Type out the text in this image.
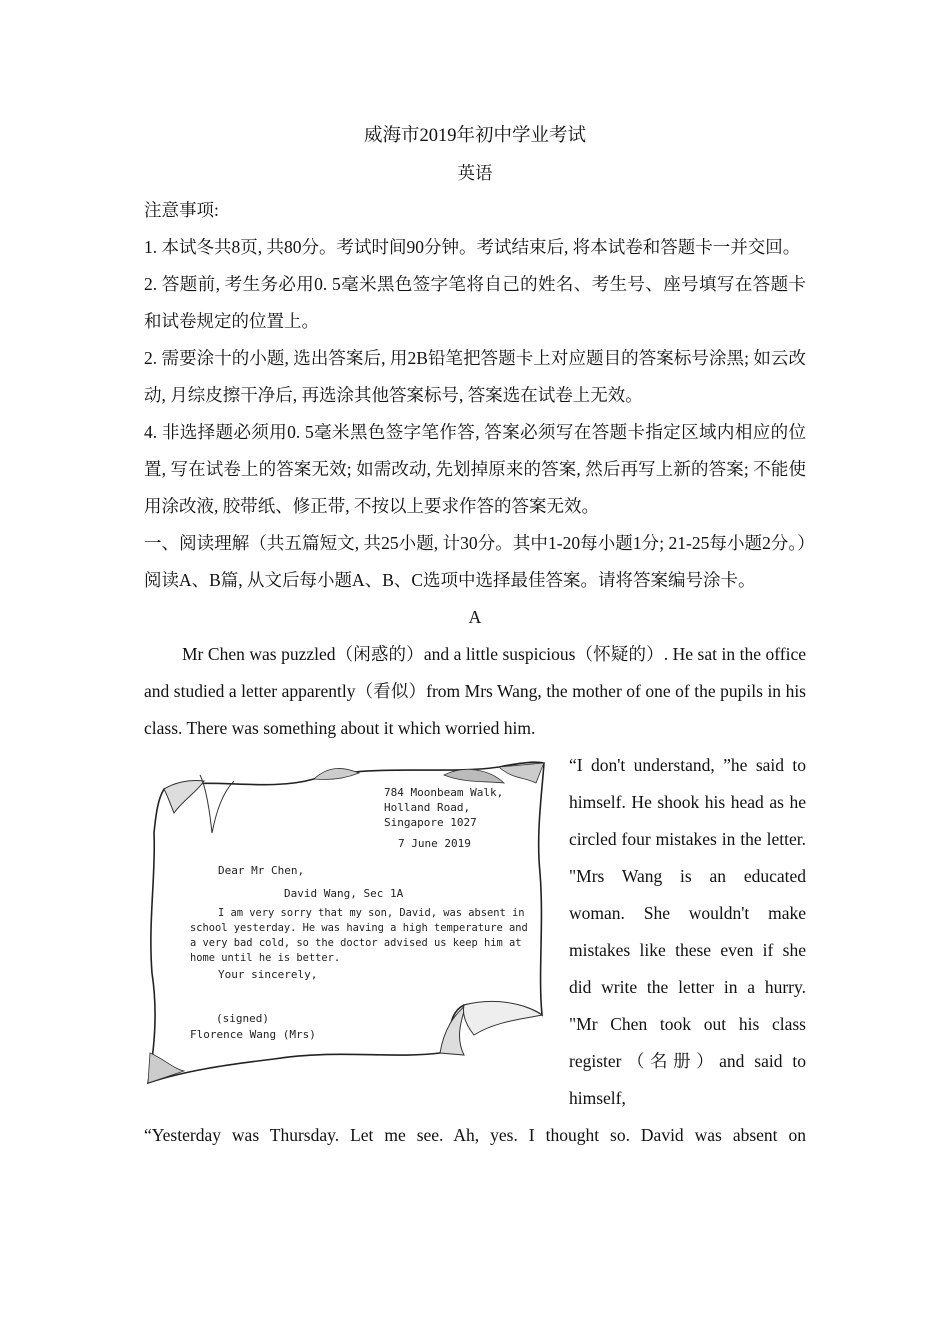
威海市2019年初中学业考试

英语

注意事项:

1. 本试冬共8页, 共80分。考试时间90分钟。考试结束后, 将本试卷和答题卡一并交回。

2. 答题前, 考生务必用0. 5毫米黑色签字笔将自己的姓名、考生号、座号填写在答题卡和试卷规定的位置上。

2. 需要涂十的小题, 选出答案后, 用2B铅笔把答题卡上对应题目的答案标号涂黑; 如云改动, 月综皮擦干净后, 再选涂其他答案标号, 答案选在试卷上无效。

4. 非选择题必须用0. 5毫米黑色签字笔作答, 答案必须写在答题卡指定区域内相应的位置, 写在试卷上的答案无效; 如需改动, 先划掉原来的答案, 然后再写上新的答案; 不能使用涂改液, 胶带纸、修正带, 不按以上要求作答的答案无效。

一、阅读理解（共五篇短文, 共25小题, 计30分。其中1-20每小题1分; 21-25每小题2分。）阅读A、B篇, 从文后每小题A、B、C选项中选择最佳答案。请将答案编号涂卡。

A

Mr Chen was puzzled（闲惑的）and a little suspicious（怀疑的）. He sat in the office and studied a letter apparently（看似）from Mrs Wang, the mother of one of the pupils in his class. There was something about it which worried him.

784 Moonbeam Walk,
Holland Road,
Singapore 1027
7 June 2019
Dear Mr Chen,
David Wang, Sec 1A
I am very sorry that my son, David, was absent in
school yesterday. He was having a high temperature and
a very bad cold, so the doctor advised us keep him at
home until he is better.
Your sincerely,
(signed)
Florence Wang (Mrs)

“I don't understand, ”he said to himself. He shook his head as he circled four mistakes in the letter. "Mrs Wang is an educated woman. She wouldn't make mistakes like these even if she did write the letter in a hurry. "Mr Chen took out his class register（名册）and said to himself,

“Yesterday was Thursday. Let me see. Ah, yes. I thought so. David was absent on
